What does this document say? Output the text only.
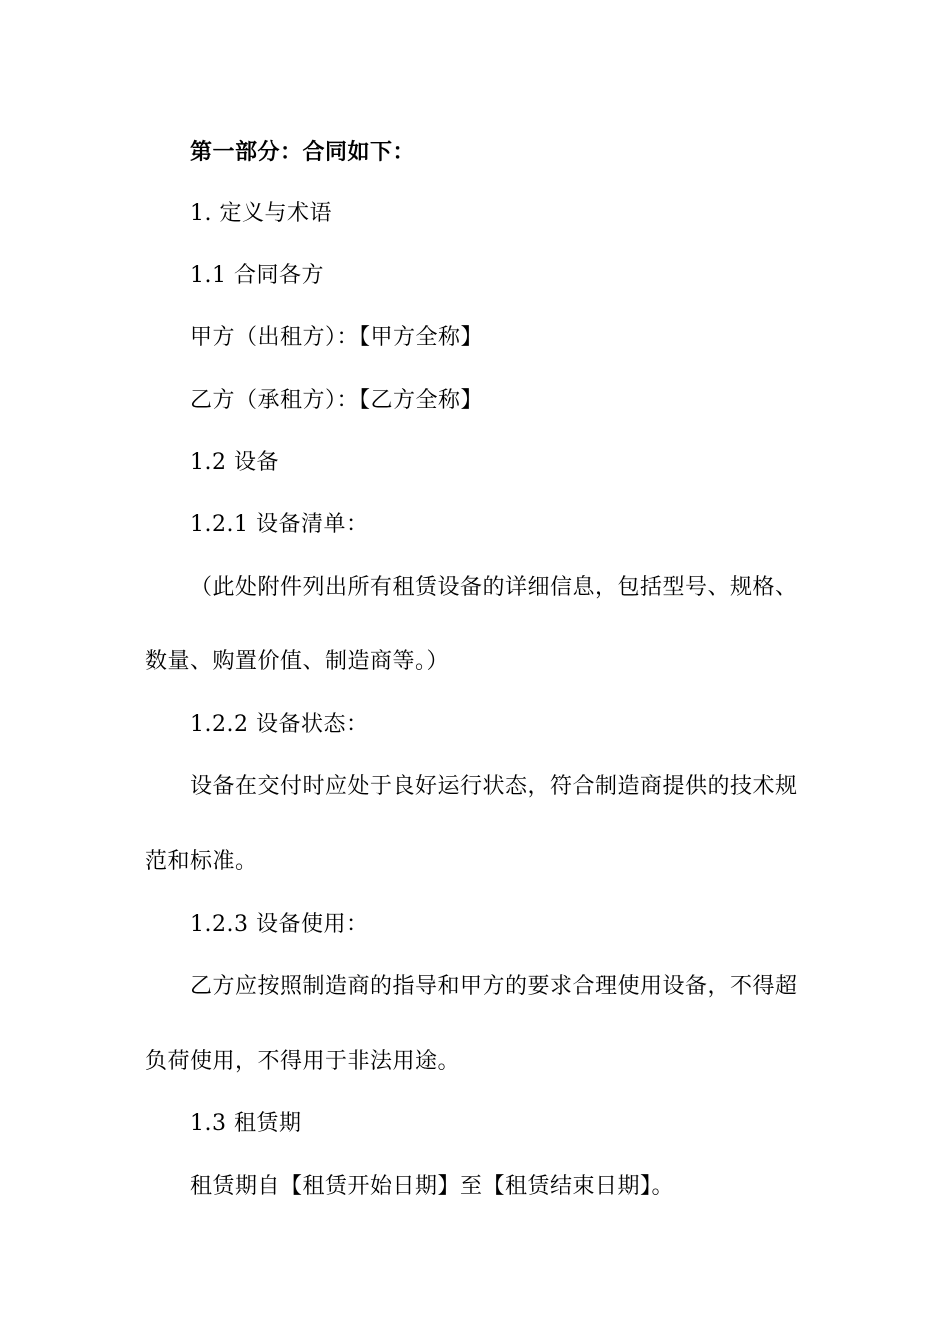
第一部分：合同如下：
1. 定义与术语
1.1 合同各方
甲方（出租方）：【甲方全称】
乙方（承租方）：【乙方全称】
1.2 设备
1.2.1 设备清单：
（此处附件列出所有租赁设备的详细信息，包括型号、规格、
数量、购置价值、制造商等。）
1.2.2 设备状态：
设备在交付时应处于良好运行状态，符合制造商提供的技术规
范和标准。
1.2.3 设备使用：
乙方应按照制造商的指导和甲方的要求合理使用设备，不得超
负荷使用，不得用于非法用途。
1.3 租赁期
租赁期自【租赁开始日期】至【租赁结束日期】。
